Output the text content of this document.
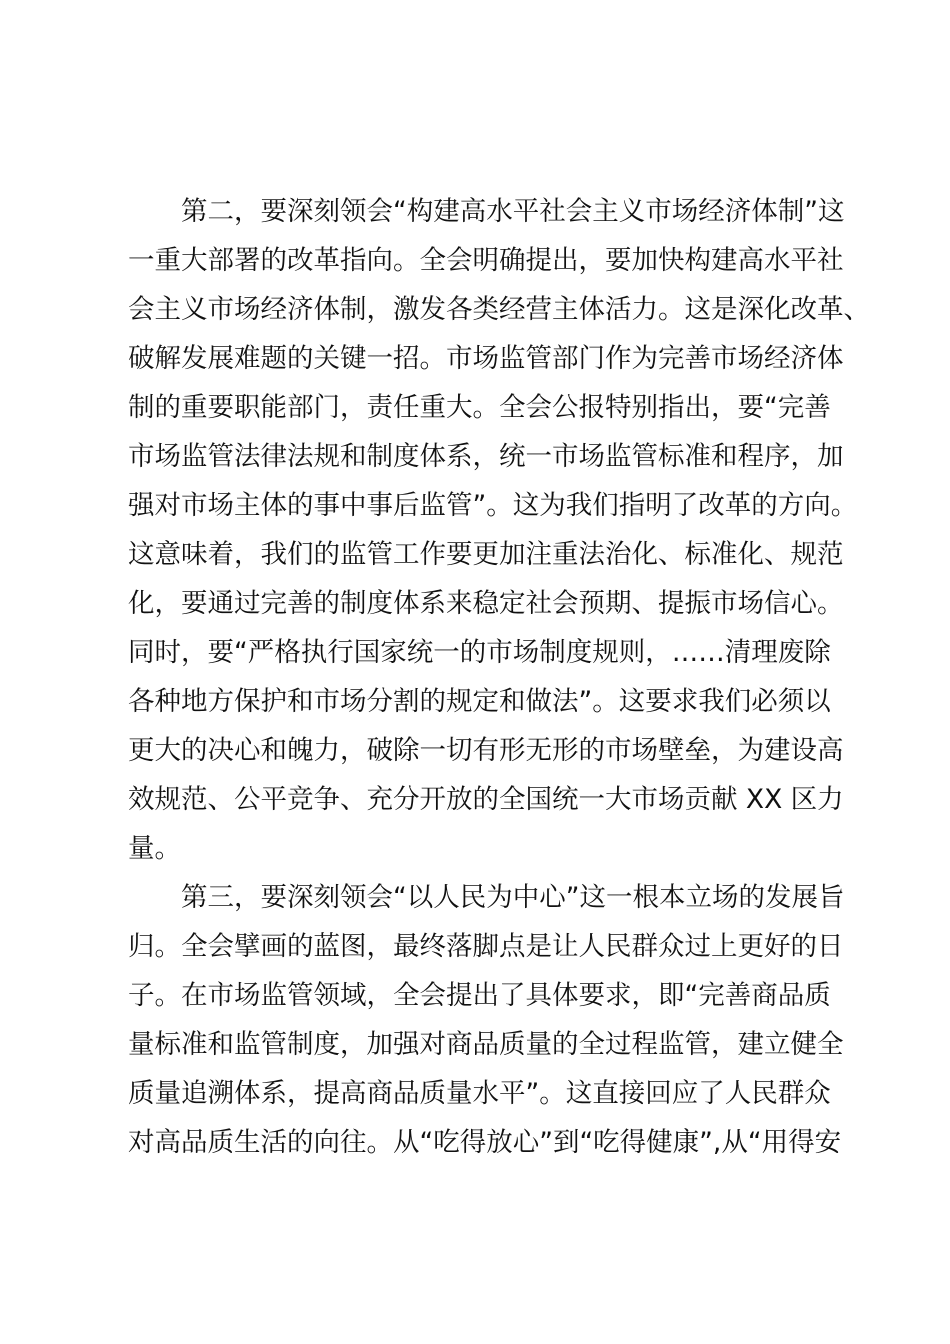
第二，要深刻领会“构建高水平社会主义市场经济体制”这
一重大部署的改革指向。全会明确提出，要加快构建高水平社
会主义市场经济体制，激发各类经营主体活力。这是深化改革、
破解发展难题的关键一招。市场监管部门作为完善市场经济体
制的重要职能部门，责任重大。全会公报特别指出，要“完善
市场监管法律法规和制度体系，统一市场监管标准和程序，加
强对市场主体的事中事后监管”。这为我们指明了改革的方向。
这意味着，我们的监管工作要更加注重法治化、标准化、规范
化，要通过完善的制度体系来稳定社会预期、提振市场信心。
同时，要“严格执行国家统一的市场制度规则，……清理废除
各种地方保护和市场分割的规定和做法”。这要求我们必须以
更大的决心和魄力，破除一切有形无形的市场壁垒，为建设高
效规范、公平竞争、充分开放的全国统一大市场贡献 XX 区力
量。
第三，要深刻领会“以人民为中心”这一根本立场的发展旨
归。全会擘画的蓝图，最终落脚点是让人民群众过上更好的日
子。在市场监管领域，全会提出了具体要求，即“完善商品质
量标准和监管制度，加强对商品质量的全过程监管，建立健全
质量追溯体系，提高商品质量水平”。这直接回应了人民群众
对高品质生活的向往。从“吃得放心”到“吃得健康”,从“用得安
